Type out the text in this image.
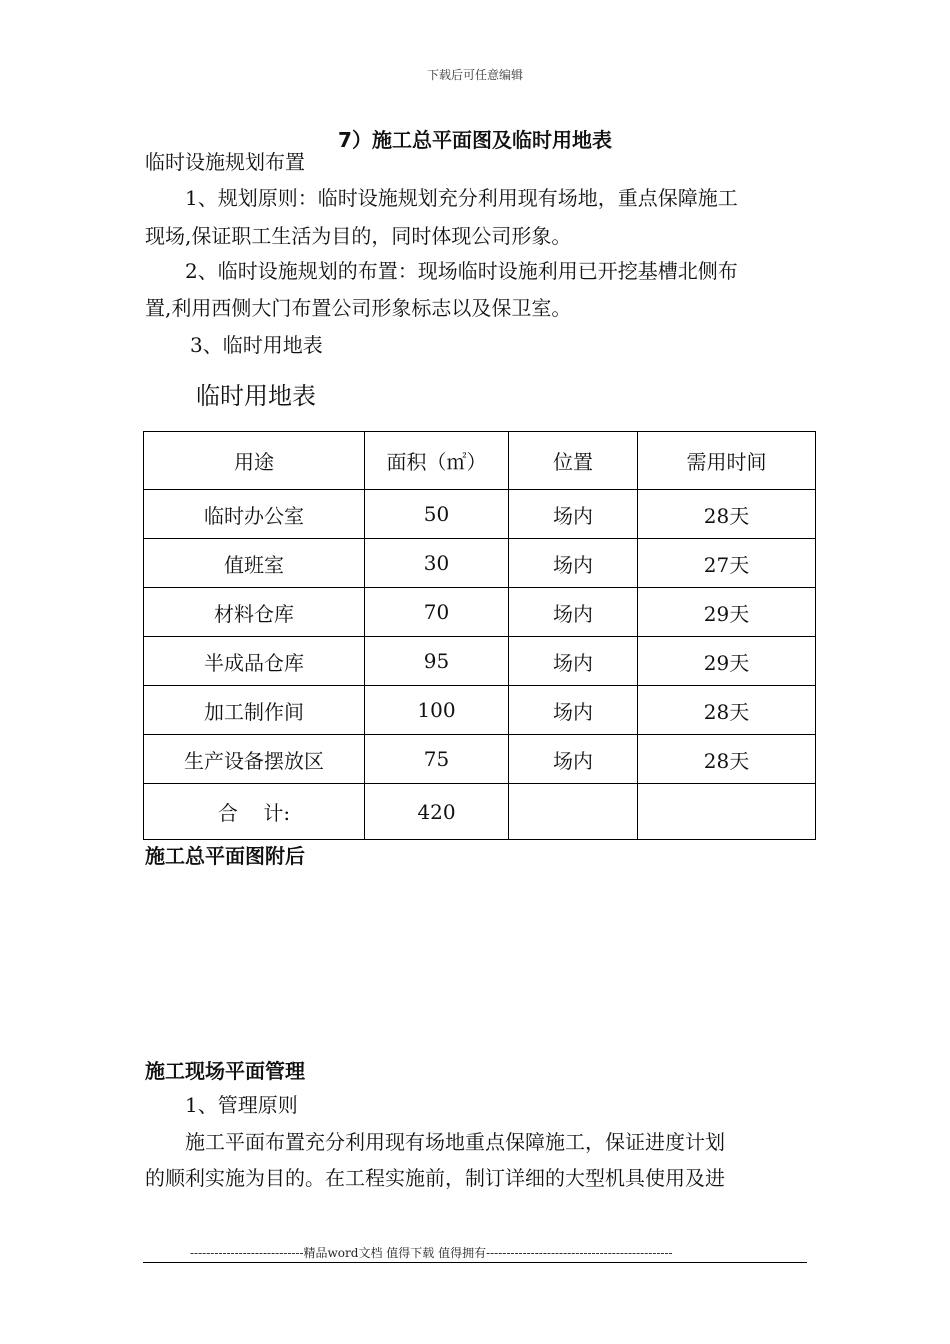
下载后可任意编辑
7）施工总平面图及临时用地表
临时设施规划布置
1、规划原则：临时设施规划充分利用现有场地，重点保障施工
现场,保证职工生活为目的，同时体现公司形象。
2、临时设施规划的布置：现场临时设施利用已开挖基槽北侧布
置,利用西侧大门布置公司形象标志以及保卫室。
3、临时用地表
临时用地表
用途	面积（㎡）	位置	需用时间
临时办公室	50	场内	28天
值班室	30	场内	27天
材料仓库	70	场内	29天
半成品仓库	95	场内	29天
加工制作间	100	场内	28天
生产设备摆放区	75	场内	28天
合    计:	420		
施工总平面图附后
施工现场平面管理
1、管理原则
施工平面布置充分利用现有场地重点保障施工，保证进度计划
的顺利实施为目的。在工程实施前，制订详细的大型机具使用及进
----------------------------精品word文档 值得下载 值得拥有----------------------------------------------
